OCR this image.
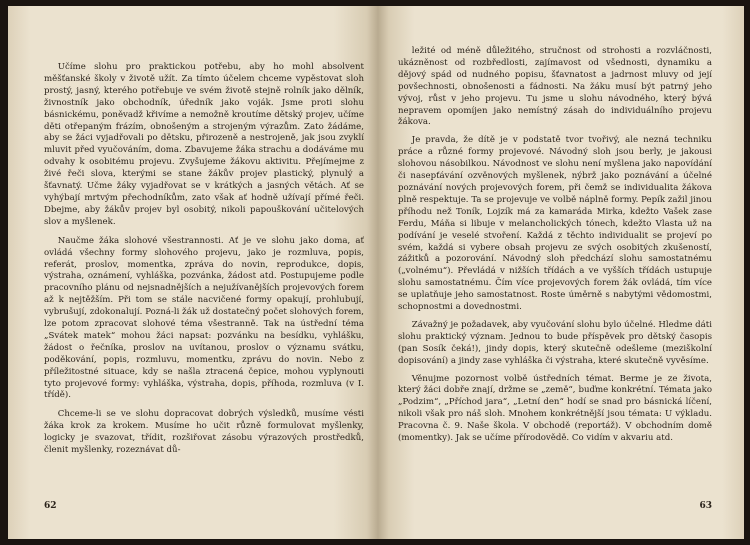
Učíme slohu pro praktickou potřebu, aby ho mohl absolvent měšťanské školy v životě užít. Za tímto účelem chceme vypěstovat sloh prostý, jasný, kterého potřebuje ve svém životě stejně rolník jako dělník, živnostník jako obchodník, úředník jako voják. Jsme proti slohu básnickému, poněvadž křivíme a nemožně kroutíme dětský projev, učíme děti otřepaným frázím, obnošeným a strojeným výrazům. Zato žádáme, aby se žáci vyjadřovali po dětsku, přirozeně a nestrojeně, jak jsou zvyklí mluvit před vyučováním, doma. Zbavujeme žáka strachu a dodáváme mu odvahy k osobitému projevu. Zvyšujeme žákovu aktivitu. Přejímejme z živé řeči slova, kterými se stane žákův projev plastický, plynulý a šťavnatý. Učme žáky vyjadřovat se v krátkých a jasných větách. Ať se vyhýbají mrtvým přechodníkům, zato však ať hodně užívají přímé řeči. Dbejme, aby žákův projev byl osobitý, nikoli papouškování učitelových slov a myšlenek.

Naučme žáka slohové všestrannosti. Ať je ve slohu jako doma, ať ovládá všechny formy slohového projevu, jako je rozmluva, popis, referát, proslov, momentka, zpráva do novin, reprodukce, dopis, výstraha, oznámení, vyhláška, pozvánka, žádost atd. Postupujeme podle pracovního plánu od nejsnadnějších a nejužívanějších projevových forem až k nejtěžším. Při tom se stále nacvičené formy opakují, prohlubují, vybrušují, zdokonalují. Pozná-li žák už dostatečný počet slohových forem, lze potom zpracovat slohové téma všestranně. Tak na ústřední téma „Svátek matek“ mohou žáci napsat: pozvánku na besídku, vyhlášku, žádost o řečníka, proslov na uvítanou, proslov o významu svátku, poděkování, popis, rozmluvu, momentku, zprávu do novin. Nebo z příležitostné situace, kdy se našla ztracená čepice, mohou vyplynouti tyto projevové formy: vyhláška, výstraha, dopis, příhoda, rozmluva (v I. třídě).

Chceme-li se ve slohu dopracovat dobrých výsledků, musíme vésti žáka krok za krokem. Musíme ho učit různě formulovat myšlenky, logicky je svazovat, třídit, rozšiřovat zásobu výrazových prostředků, členit myšlenky, rozeznávat dů-

62

ležité od méně důležitého, stručnost od strohosti a rozvláčnosti, ukázněnost od rozbředlosti, zajímavost od všednosti, dynamiku a dějový spád od nudného popisu, šťavnatost a jadrnost mluvy od její povšechnosti, obnošenosti a fádnosti. Na žáku musí být patrný jeho vývoj, růst v jeho projevu. Tu jsme u slohu návodného, který bývá nepravem opomíjen jako nemístný zásah do individuálního projevu žákova.

Je pravda, že dítě je v podstatě tvor tvořivý, ale nezná techniku práce a různé formy projevové. Návodný sloh jsou berly, je jakousi slohovou násobilkou. Návodnost ve slohu není myšlena jako napovídání či nasepťávání ozvěnových myšlenek, nýbrž jako poznávání a účelné poznávání nových projevových forem, při čemž se individualita žákova plně respektuje. Ta se projevuje ve volbě náplně formy. Pepík zažil jinou příhodu než Toník, Lojzík má za kamaráda Mirka, kdežto Vašek zase Ferdu, Máňa si libuje v melancholických tónech, kdežto Vlasta už na podívání je veselé stvoření. Každá z těchto individualit se projeví po svém, každá si vybere obsah projevu ze svých osobitých zkušeností, zážitků a pozorování. Návodný sloh předchází slohu samostatnému („volnému“). Převládá v nižších třídách a ve vyšších třídách ustupuje slohu samostatnému. Čím více projevových forem žák ovládá, tím více se uplatňuje jeho samostatnost. Roste úměrně s nabytými vědomostmi, schopnostmi a dovednostmi.

Závažný je požadavek, aby vyučování slohu bylo účelné. Hledme dáti slohu praktický význam. Jednou to bude příspěvek pro dětský časopis (pan Sosík čeká!), jindy dopis, který skutečně odešleme (meziškolní dopisování) a jindy zase vyhláška či výstraha, které skutečně vyvěsíme.

Věnujme pozornost volbě ústředních témat. Berme je ze života, který žáci dobře znají, držme se „země“, buďme konkrétní. Témata jako „Podzim“, „Příchod jara“, „Letní den“ hodí se snad pro básnická líčení, nikoli však pro náš sloh. Mnohem konkrétnější jsou témata: U výkladu. Pracovna č. 9. Naše škola. V obchodě (reportáž). V obchodním domě (momentky). Jak se učíme přírodovědě. Co vidím v akvariu atd.

63
